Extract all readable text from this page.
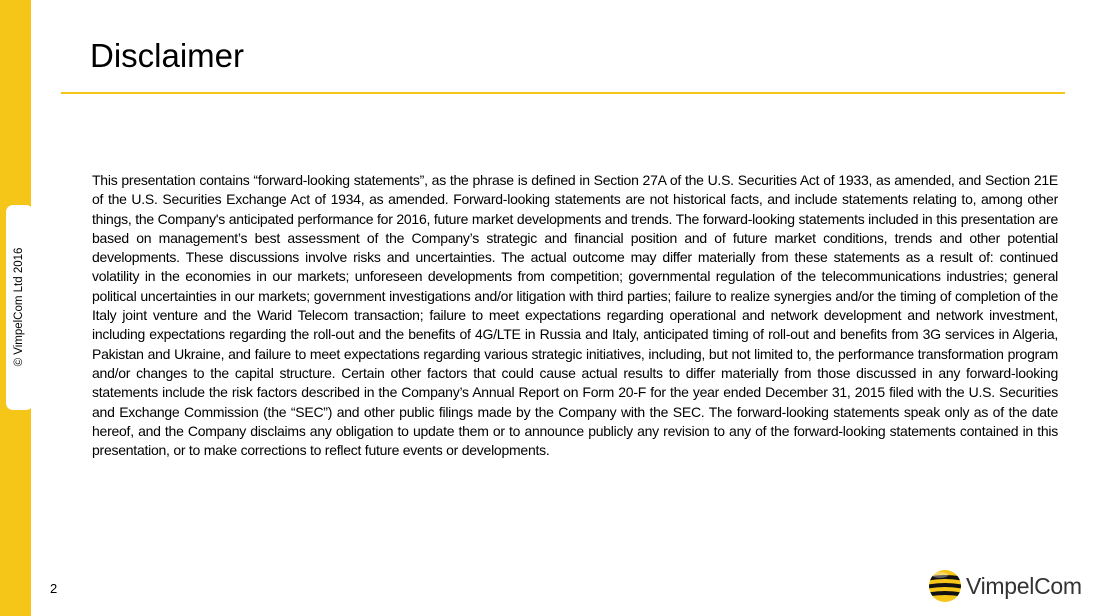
© VimpelCom Ltd 2016
Disclaimer

This presentation contains “forward-looking statements”, as the phrase is defined in Section 27A of the U.S. Securities Act of 1933, as amended, and Section 21E of the U.S. Securities Exchange Act of 1934, as amended. Forward-looking statements are not historical facts, and include statements relating to, among other things, the Company's anticipated performance for 2016, future market developments and trends. The forward-looking statements included in this presentation are based on management’s best assessment of the Company’s strategic and financial position and of future market conditions, trends and other potential developments. These discussions involve risks and uncertainties. The actual outcome may differ materially from these statements as a result of: continued volatility in the economies in our markets; unforeseen developments from competition; governmental regulation of the telecommunications industries; general political uncertainties in our markets; government investigations and/or litigation with third parties; failure to realize synergies and/or the timing of completion of the Italy joint venture and the Warid Telecom transaction; failure to meet expectations regarding operational and network development and network investment, including expectations regarding the roll-out and the benefits of 4G/LTE in Russia and Italy, anticipated timing of roll-out and benefits from 3G services in Algeria, Pakistan and Ukraine, and failure to meet expectations regarding various strategic initiatives, including, but not limited to, the performance transformation program and/or changes to the capital structure. Certain other factors that could cause actual results to differ materially from those discussed in any forward-looking statements include the risk factors described in the Company’s Annual Report on Form 20-F for the year ended December 31, 2015 filed with the U.S. Securities and Exchange Commission (the “SEC”) and other public filings made by the Company with the SEC. The forward-looking statements speak only as of the date hereof, and the Company disclaims any obligation to update them or to announce publicly any revision to any of the forward-looking statements contained in this presentation, or to make corrections to reflect future events or developments.

2	VimpelCom
